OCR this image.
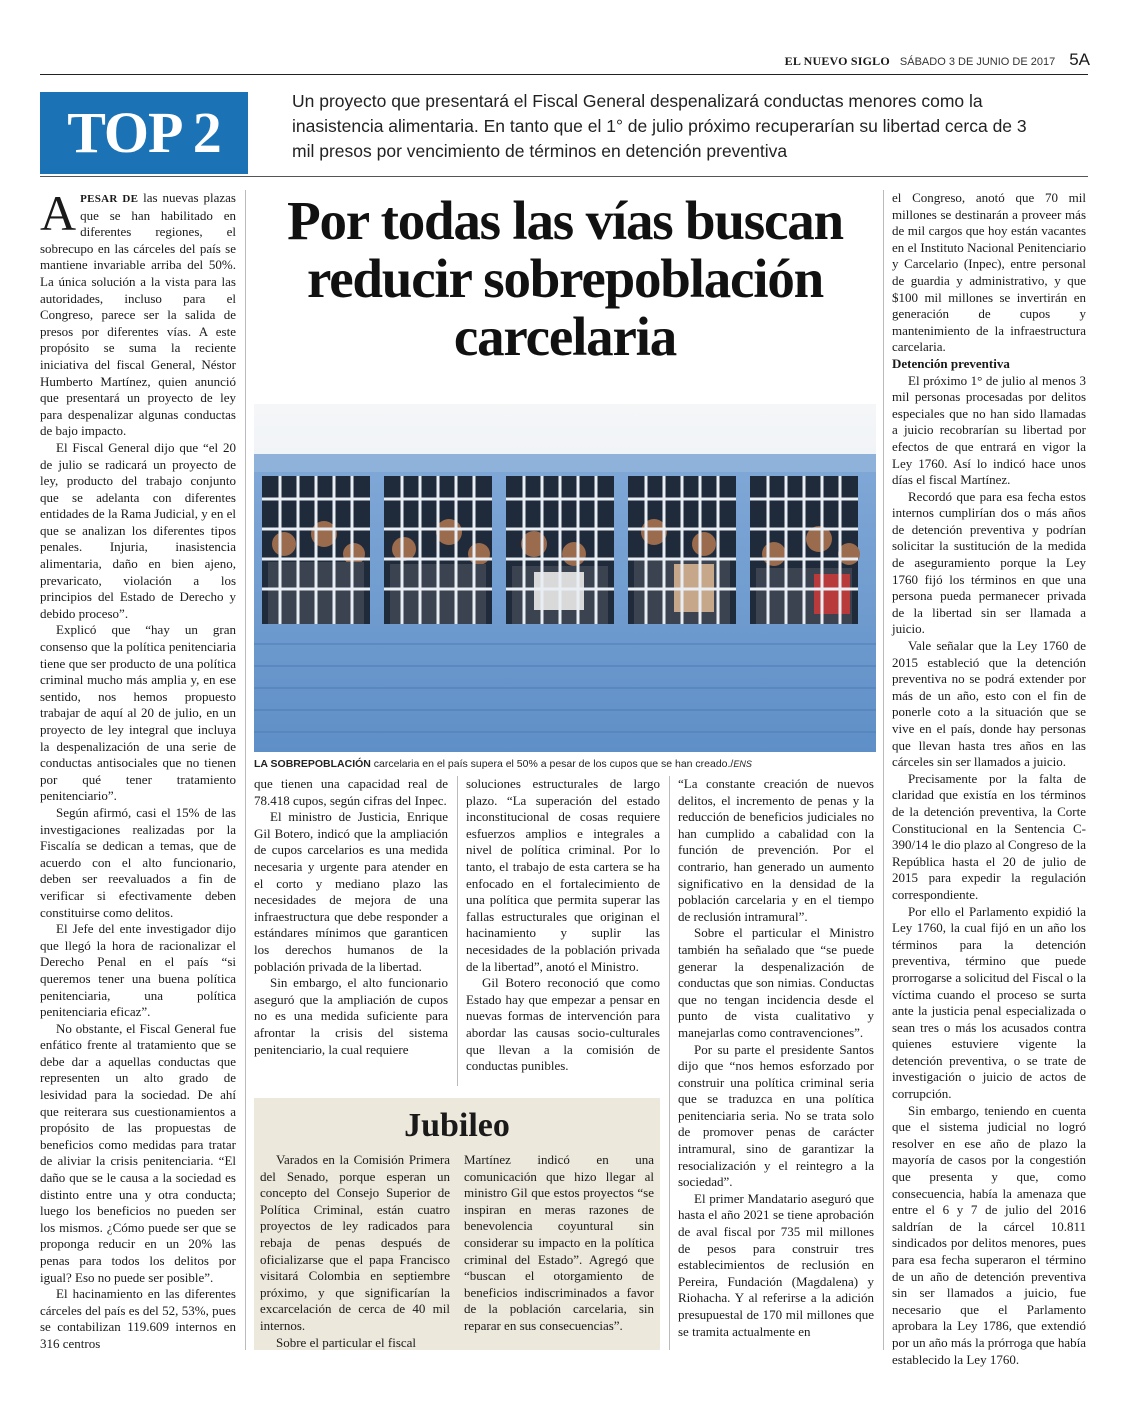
EL NUEVO SIGLO SÁBADO 3 DE JUNIO DE 2017 5A
TOP 2	Un proyecto que presentará el Fiscal General despenalizará conductas menores como la inasistencia alimentaria. En tanto que el 1° de julio próximo recuperarían su libertad cerca de 3 mil presos por vencimiento de términos en detención preventiva

APESAR DE las nuevas plazas que se han habilitado en diferentes regiones, el sobrecupo en las cárceles del país se mantiene invariable arriba del 50%. La única solución a la vista para las autoridades, incluso para el Congreso, parece ser la salida de presos por diferentes vías. A este propósito se suma la reciente iniciativa del fiscal General, Néstor Humberto Martínez, quien anunció que presentará un proyecto de ley para despenalizar algunas conductas de bajo impacto.

El Fiscal General dijo que “el 20 de julio se radicará un proyecto de ley, producto del trabajo conjunto que se adelanta con diferentes entidades de la Rama Judicial, y en el que se analizan los diferentes tipos penales. Injuria, inasistencia alimentaria, daño en bien ajeno, prevaricato, violación a los principios del Estado de Derecho y debido proceso”.

Explicó que “hay un gran consenso que la política penitenciaria tiene que ser producto de una política criminal mucho más amplia y, en ese sentido, nos hemos propuesto trabajar de aquí al 20 de julio, en un proyecto de ley integral que incluya la despenalización de una serie de conductas antisociales que no tienen por qué tener tratamiento penitenciario”.

Según afirmó, casi el 15% de las investigaciones realizadas por la Fiscalía se dedican a temas, que de acuerdo con el alto funcionario, deben ser reevaluados a fin de verificar si efectivamente deben constituirse como delitos.

El Jefe del ente investigador dijo que llegó la hora de racionalizar el Derecho Penal en el país “si queremos tener una buena política penitenciaria, una política penitenciaria eficaz”.

No obstante, el Fiscal General fue enfático frente al tratamiento que se debe dar a aquellas conductas que representen un alto grado de lesividad para la sociedad. De ahí que reiterara sus cuestionamientos a propósito de las propuestas de beneficios como medidas para tratar de aliviar la crisis penitenciaria. “El daño que se le causa a la sociedad es distinto entre una y otra conducta; luego los beneficios no pueden ser los mismos. ¿Cómo puede ser que se proponga reducir en un 20% las penas para todos los delitos por igual? Eso no puede ser posible”.

El hacinamiento en las diferentes cárceles del país es del 52, 53%, pues se contabilizan 119.609 internos en 316 centros

Por todas las vías buscan reducir sobrepoblación carcelaria
LA SOBREPOBLACIÓN carcelaria en el país supera el 50% a pesar de los cupos que se han creado./ENS

que tienen una capacidad real de 78.418 cupos, según cifras del Inpec.

El ministro de Justicia, Enrique Gil Botero, indicó que la ampliación de cupos carcelarios es una medida necesaria y urgente para atender en el corto y mediano plazo las necesidades de mejora de una infraestructura que debe responder a estándares mínimos que garanticen los derechos humanos de la población privada de la libertad.

Sin embargo, el alto funcionario aseguró que la ampliación de cupos no es una medida suficiente para afrontar la crisis del sistema penitenciario, la cual requiere

soluciones estructurales de largo plazo. “La superación del estado inconstitucional de cosas requiere esfuerzos amplios e integrales a nivel de política criminal. Por lo tanto, el trabajo de esta cartera se ha enfocado en el fortalecimiento de una política que permita superar las fallas estructurales que originan el hacinamiento y suplir las necesidades de la población privada de la libertad”, anotó el Ministro.

Gil Botero reconoció que como Estado hay que empezar a pensar en nuevas formas de intervención para abordar las causas socio-culturales que llevan a la comisión de conductas punibles.

“La constante creación de nuevos delitos, el incremento de penas y la reducción de beneficios judiciales no han cumplido a cabalidad con la función de prevención. Por el contrario, han generado un aumento significativo en la densidad de la población carcelaria y en el tiempo de reclusión intramural”.

Sobre el particular el Ministro también ha señalado que “se puede generar la despenalización de conductas que son nimias. Conductas que no tengan incidencia desde el punto de vista cualitativo y manejarlas como contravenciones”.

Por su parte el presidente Santos dijo que “nos hemos esforzado por construir una política criminal seria que se traduzca en una política penitenciaria seria. No se trata solo de promover penas de carácter intramural, sino de garantizar la resocialización y el reintegro a la sociedad”.

El primer Mandatario aseguró que hasta el año 2021 se tiene aprobación de aval fiscal por 735 mil millones de pesos para construir tres establecimientos de reclusión en Pereira, Fundación (Magdalena) y Riohacha. Y al referirse a la adición presupuestal de 170 mil millones que se tramita actualmente en

el Congreso, anotó que 70 mil millones se destinarán a proveer más de mil cargos que hoy están vacantes en el Instituto Nacional Penitenciario y Carcelario (Inpec), entre personal de guardia y administrativo, y que $100 mil millones se invertirán en generación de cupos y mantenimiento de la infraestructura carcelaria.

Detención preventiva

El próximo 1° de julio al menos 3 mil personas procesadas por delitos especiales que no han sido llamadas a juicio recobrarían su libertad por efectos de que entrará en vigor la Ley 1760. Así lo indicó hace unos días el fiscal Martínez.

Recordó que para esa fecha estos internos cumplirían dos o más años de detención preventiva y podrían solicitar la sustitución de la medida de aseguramiento porque la Ley 1760 fijó los términos en que una persona pueda permanecer privada de la libertad sin ser llamada a juicio.

Vale señalar que la Ley 1760 de 2015 estableció que la detención preventiva no se podrá extender por más de un año, esto con el fin de ponerle coto a la situación que se vive en el país, donde hay personas que llevan hasta tres años en las cárceles sin ser llamados a juicio.

Precisamente por la falta de claridad que existía en los términos de la detención preventiva, la Corte Constitucional en la Sentencia C-390/14 le dio plazo al Congreso de la República hasta el 20 de julio de 2015 para expedir la regulación correspondiente.

Por ello el Parlamento expidió la Ley 1760, la cual fijó en un año los términos para la detención preventiva, término que puede prorrogarse a solicitud del Fiscal o la víctima cuando el proceso se surta ante la justicia penal especializada o sean tres o más los acusados contra quienes estuviere vigente la detención preventiva, o se trate de investigación o juicio de actos de corrupción.

Sin embargo, teniendo en cuenta que el sistema judicial no logró resolver en ese año de plazo la mayoría de casos por la congestión que presenta y que, como consecuencia, había la amenaza que entre el 6 y 7 de julio del 2016 saldrían de la cárcel 10.811 sindicados por delitos menores, pues para esa fecha superaron el término de un año de detención preventiva sin ser llamados a juicio, fue necesario que el Parlamento aprobara la Ley 1786, que extendió por un año más la prórroga que había establecido la Ley 1760.

Jubileo

Varados en la Comisión Primera del Senado, porque esperan un concepto del Consejo Superior de Política Criminal, están cuatro proyectos de ley radicados para rebaja de penas después de oficializarse que el papa Francisco visitará Colombia en septiembre próximo, y que significarían la excarcelación de cerca de 40 mil internos.

Sobre el particular el fiscal

Martínez indicó en una comunicación que hizo llegar al ministro Gil que estos proyectos “se inspiran en meras razones de benevolencia coyuntural sin considerar su impacto en la política criminal del Estado”. Agregó que “buscan el otorgamiento de beneficios indiscriminados a favor de la población carcelaria, sin reparar en sus consecuencias”.
